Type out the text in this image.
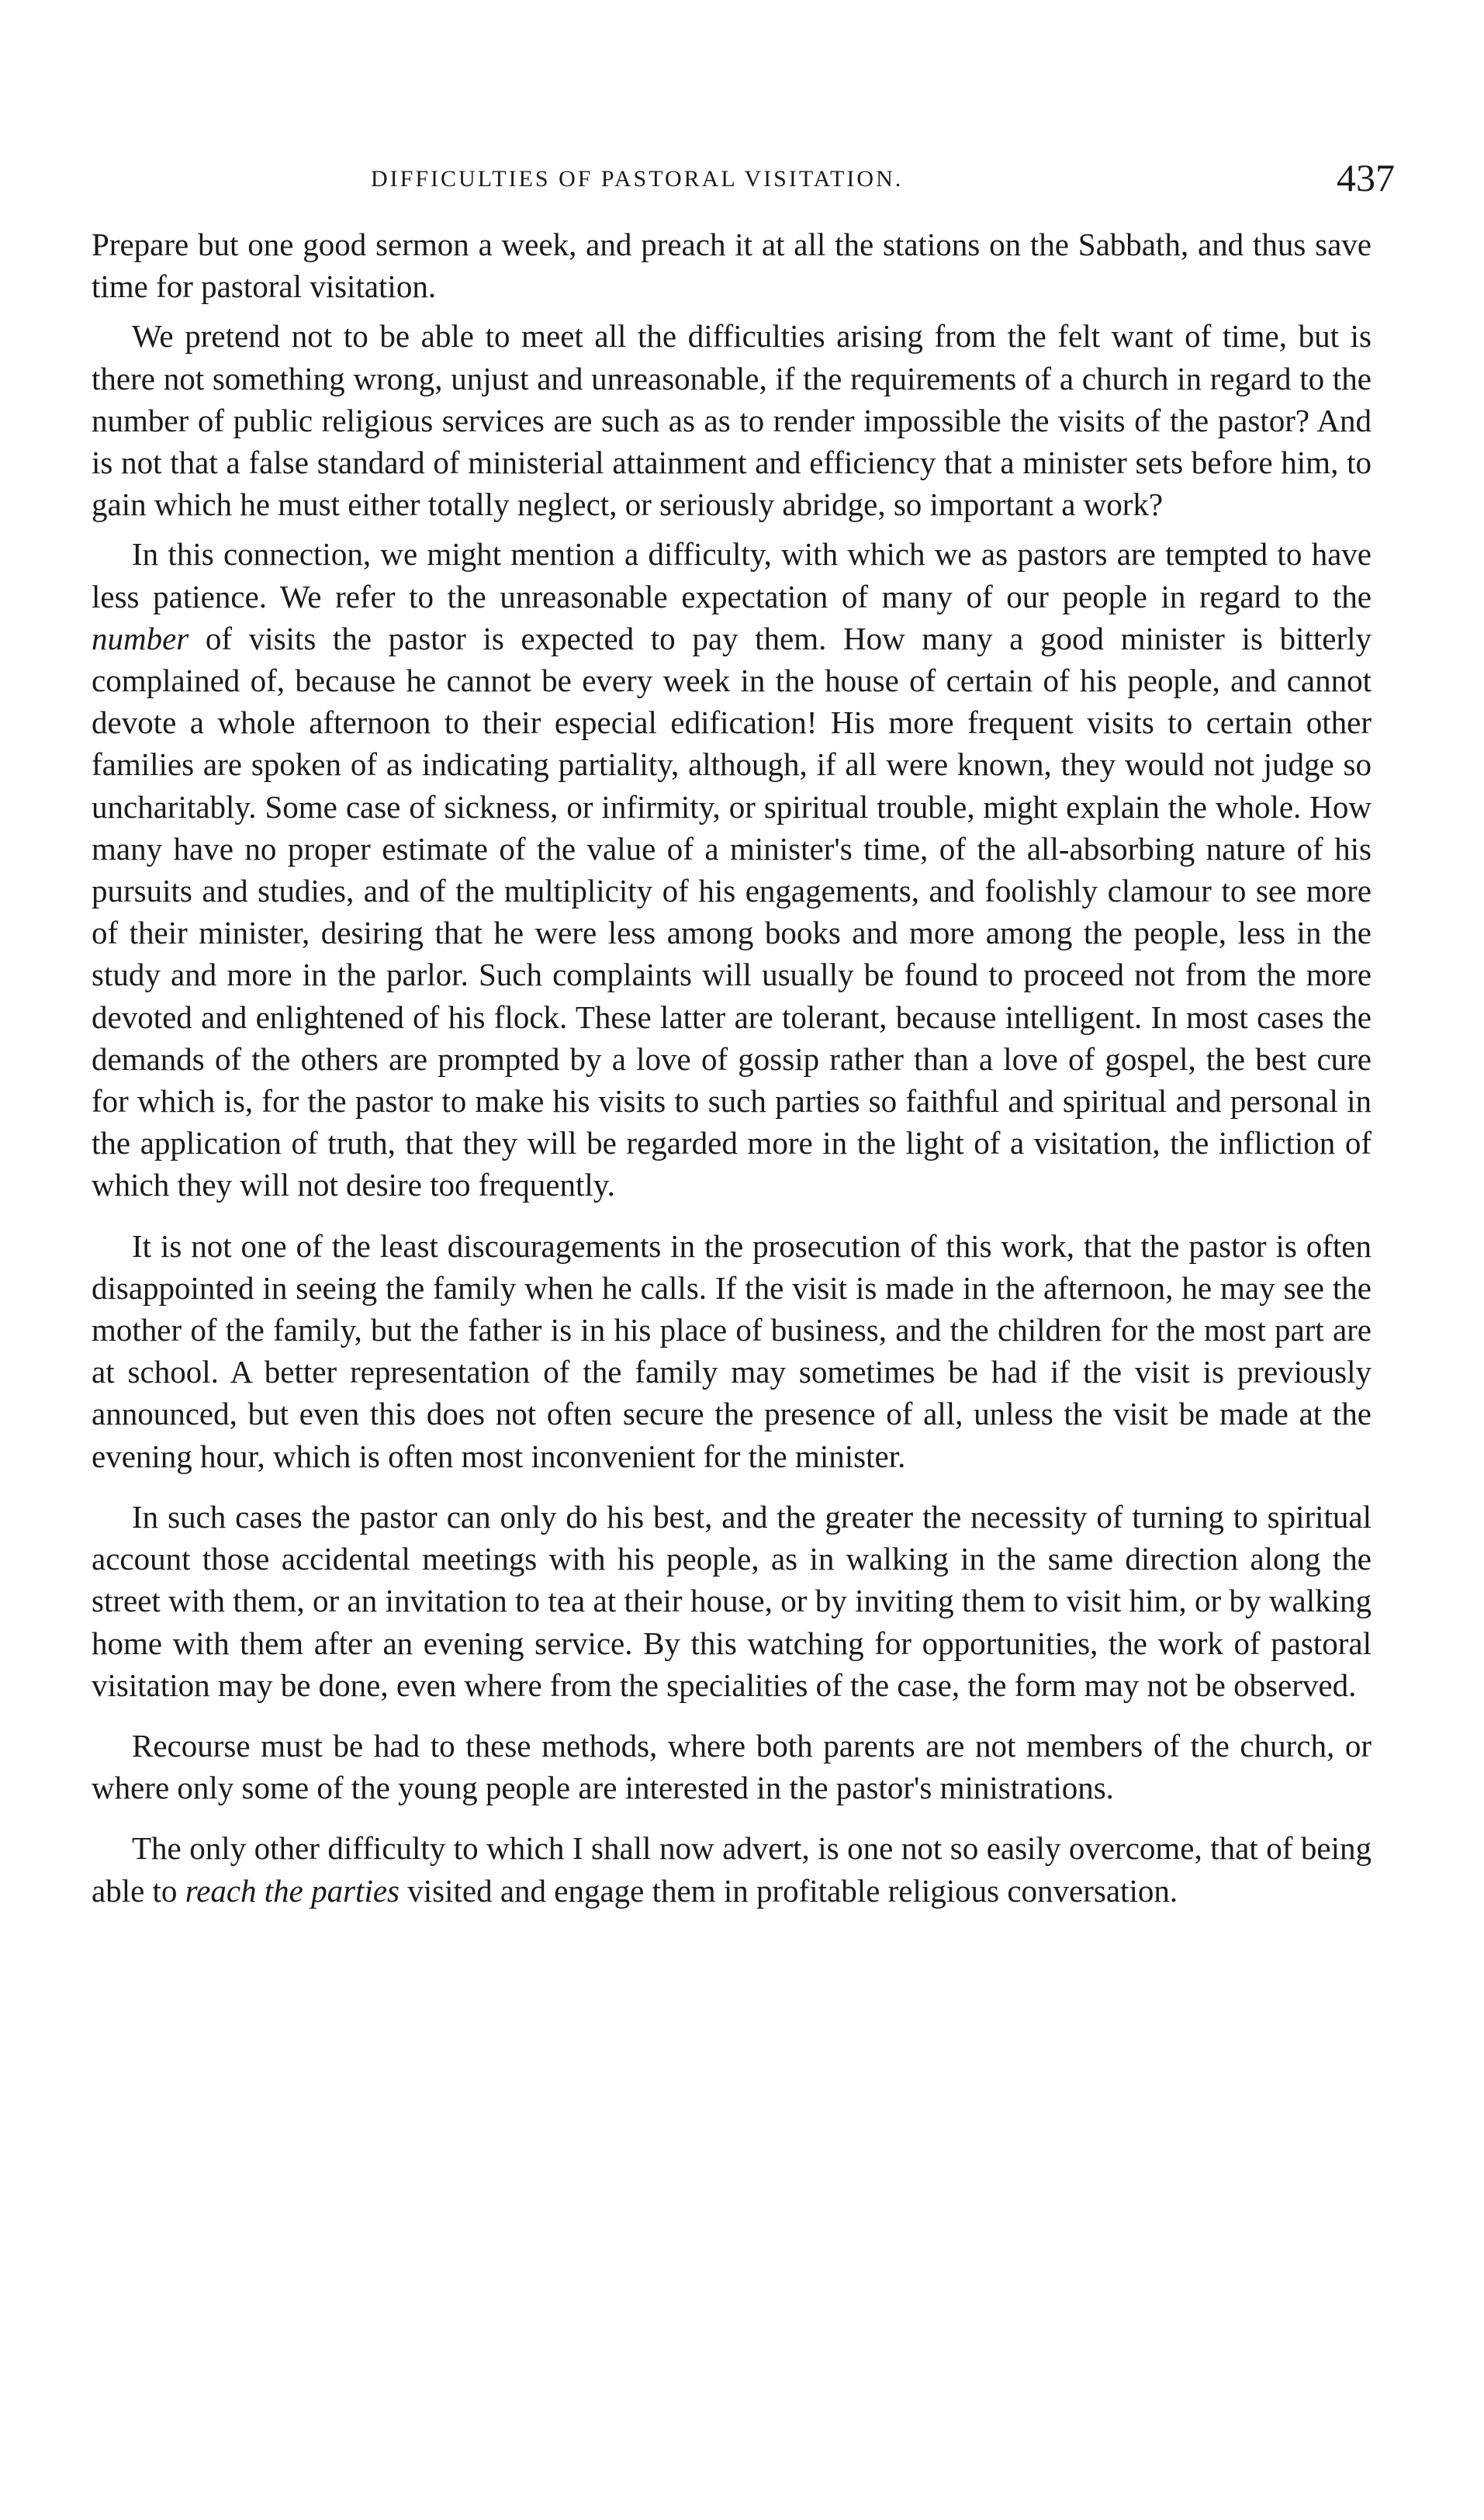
DIFFICULTIES OF PASTORAL VISITATION.	437

Prepare but one good sermon a week, and preach it at all the stations on the Sabbath, and thus save time for pastoral visitation.

We pretend not to be able to meet all the difficulties arising from the felt want of time, but is there not something wrong, unjust and unreasonable, if the requirements of a church in regard to the number of public religious services are such as as to render impossible the visits of the pastor? And is not that a false standard of ministerial attainment and efficiency that a minister sets before him, to gain which he must either totally neglect, or seriously abridge, so important a work?

In this connection, we might mention a difficulty, with which we as pastors are tempted to have less patience. We refer to the unreasonable expectation of many of our people in regard to the number of visits the pastor is expected to pay them. How many a good minister is bitterly complained of, because he cannot be every week in the house of certain of his people, and cannot devote a whole afternoon to their especial edification! His more frequent visits to certain other families are spoken of as indicating partiality, although, if all were known, they would not judge so uncharitably. Some case of sickness, or infirmity, or spiritual trouble, might explain the whole. How many have no proper estimate of the value of a minister's time, of the all-absorbing nature of his pursuits and studies, and of the multiplicity of his engagements, and foolishly clamour to see more of their minister, desiring that he were less among books and more among the people, less in the study and more in the parlor. Such complaints will usually be found to proceed not from the more devoted and enlightened of his flock. These latter are tolerant, because intelligent. In most cases the demands of the others are prompted by a love of gossip rather than a love of gospel, the best cure for which is, for the pastor to make his visits to such parties so faithful and spiritual and personal in the application of truth, that they will be regarded more in the light of a visitation, the infliction of which they will not desire too frequently.

It is not one of the least discouragements in the prosecution of this work, that the pastor is often disappointed in seeing the family when he calls. If the visit is made in the afternoon, he may see the mother of the family, but the father is in his place of business, and the children for the most part are at school. A better representation of the family may sometimes be had if the visit is previously announced, but even this does not often secure the presence of all, unless the visit be made at the evening hour, which is often most inconvenient for the minister.

In such cases the pastor can only do his best, and the greater the necessity of turning to spiritual account those accidental meetings with his people, as in walking in the same direction along the street with them, or an invitation to tea at their house, or by inviting them to visit him, or by walking home with them after an evening service. By this watching for opportunities, the work of pastoral visitation may be done, even where from the specialities of the case, the form may not be observed.

Recourse must be had to these methods, where both parents are not members of the church, or where only some of the young people are interested in the pastor's ministrations.

The only other difficulty to which I shall now advert, is one not so easily overcome, that of being able to reach the parties visited and engage them in profitable religious conversation.
